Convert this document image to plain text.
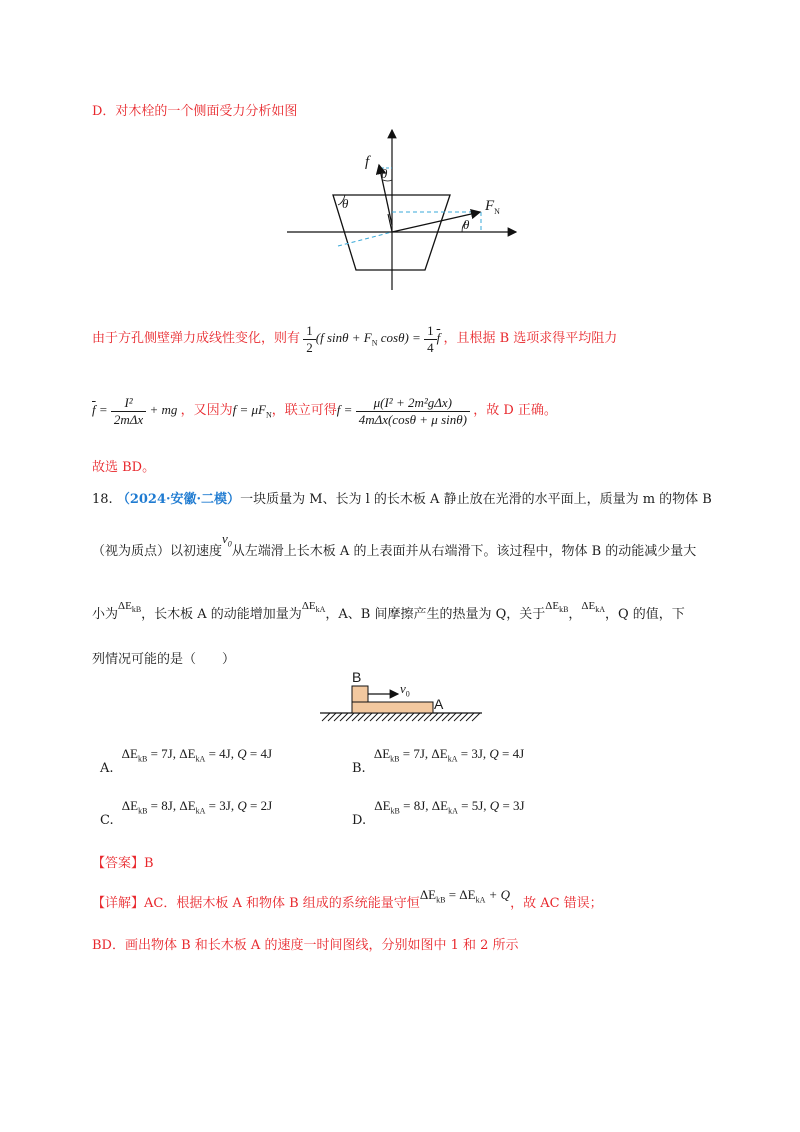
D．对木栓的一个侧面受力分析如图
f
θ
θ
θ
$F_N$
由于方孔侧壁弹力成线性变化，则有 $\frac{1}{2} (f$ $\sin\theta + F_N$ $\cos\theta) = \frac{1}{4} \overline{f}$ ，且根据 B 选项求得平均阻力
$\overline{f} = \frac{\text{I²}}{\text{2mΔx}}$ + mg ，又因为$f = \mu F_N$，联立可得$f = \frac{\text{μ(I² + 2m²gΔx)}}{\text{4mΔx(cosθ + μ sinθ)}}$ ，故 D 正确。
故选 BD。
18. （2024·安徽·二模）一块质量为 M、长为 l 的长木板 A 静止放在光滑的水平面上，质量为 m 的物体 B
（视为质点）以初速度$v_0$从左端滑上长木板 A 的上表面并从右端滑下。该过程中，物体 B 的动能减少量大
小为$^{\Delta E_{kB}}$，长木板 A 的动能增加量为$^{\Delta E_{kA}}$，A、B 间摩擦产生的热量为 Q，关于$^{\Delta E_{kB}}$，$^{\Delta E_{kA}}$，Q 的值，下
列情况可能的是（　　）
B
A
$v_0$
A. $\Delta E_{kB} = 7J$, $\Delta E_{kA} = 4J$, Q = 4J
B. $\Delta E_{kB} = 7J$, $\Delta E_{kA} = 3J$, Q = 4J
C. $\Delta E_{kB} = 8J$, $\Delta E_{kA} = 3J$, Q = 2J
D. $\Delta E_{kB} = 8J$, $\Delta E_{kA} = 5J$, Q = 3J
【答案】B
【详解】AC．根据木板 A 和物体 B 组成的系统能量守恒$\Delta E_{kB} = \Delta E_{kA} + Q$，故 AC 错误；
BD．画出物体 B 和长木板 A 的速度一时间图线，分别如图中 1 和 2 所示
